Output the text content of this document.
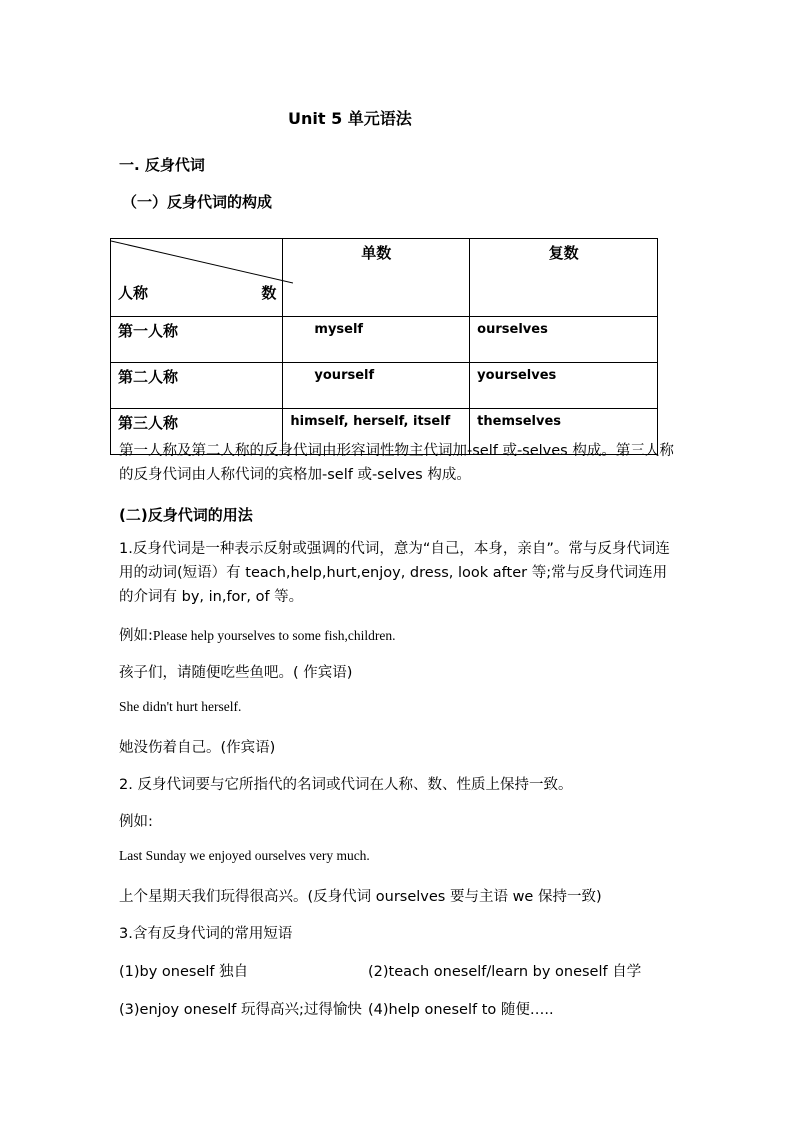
Unit 5 单元语法
一. 反身代词
（一）反身代词的构成
人称 数	单数	复数
第一人称	myself	ourselves
第二人称	yourself	yourselves
第三人称	himself, herself, itself	themselves
第一人称及第二人称的反身代词由形容词性物主代词加-self 或-selves 构成。第三人称的反身代词由人称代词的宾格加-self 或-selves 构成。
(二)反身代词的用法
1.反身代词是一种表示反射或强调的代词，意为“自己，本身，亲自”。常与反身代词连用的动词(短语）有 teach,help,hurt,enjoy, dress, look after 等;常与反身代词连用的介词有 by, in,for, of 等。
例如:Please help yourselves to some fish,children.
孩子们，请随便吃些鱼吧。( 作宾语)
She didn't hurt herself.
她没伤着自己。(作宾语)
2. 反身代词要与它所指代的名词或代词在人称、数、性质上保持一致。
例如:
Last Sunday we enjoyed ourselves very much.
上个星期天我们玩得很高兴。(反身代词 ourselves 要与主语 we 保持一致)
3.含有反身代词的常用短语
(1)by oneself 独自	(2)teach oneself/learn by oneself 自学
(3)enjoy oneself 玩得高兴;过得愉快 (4)help oneself to 随便…..
